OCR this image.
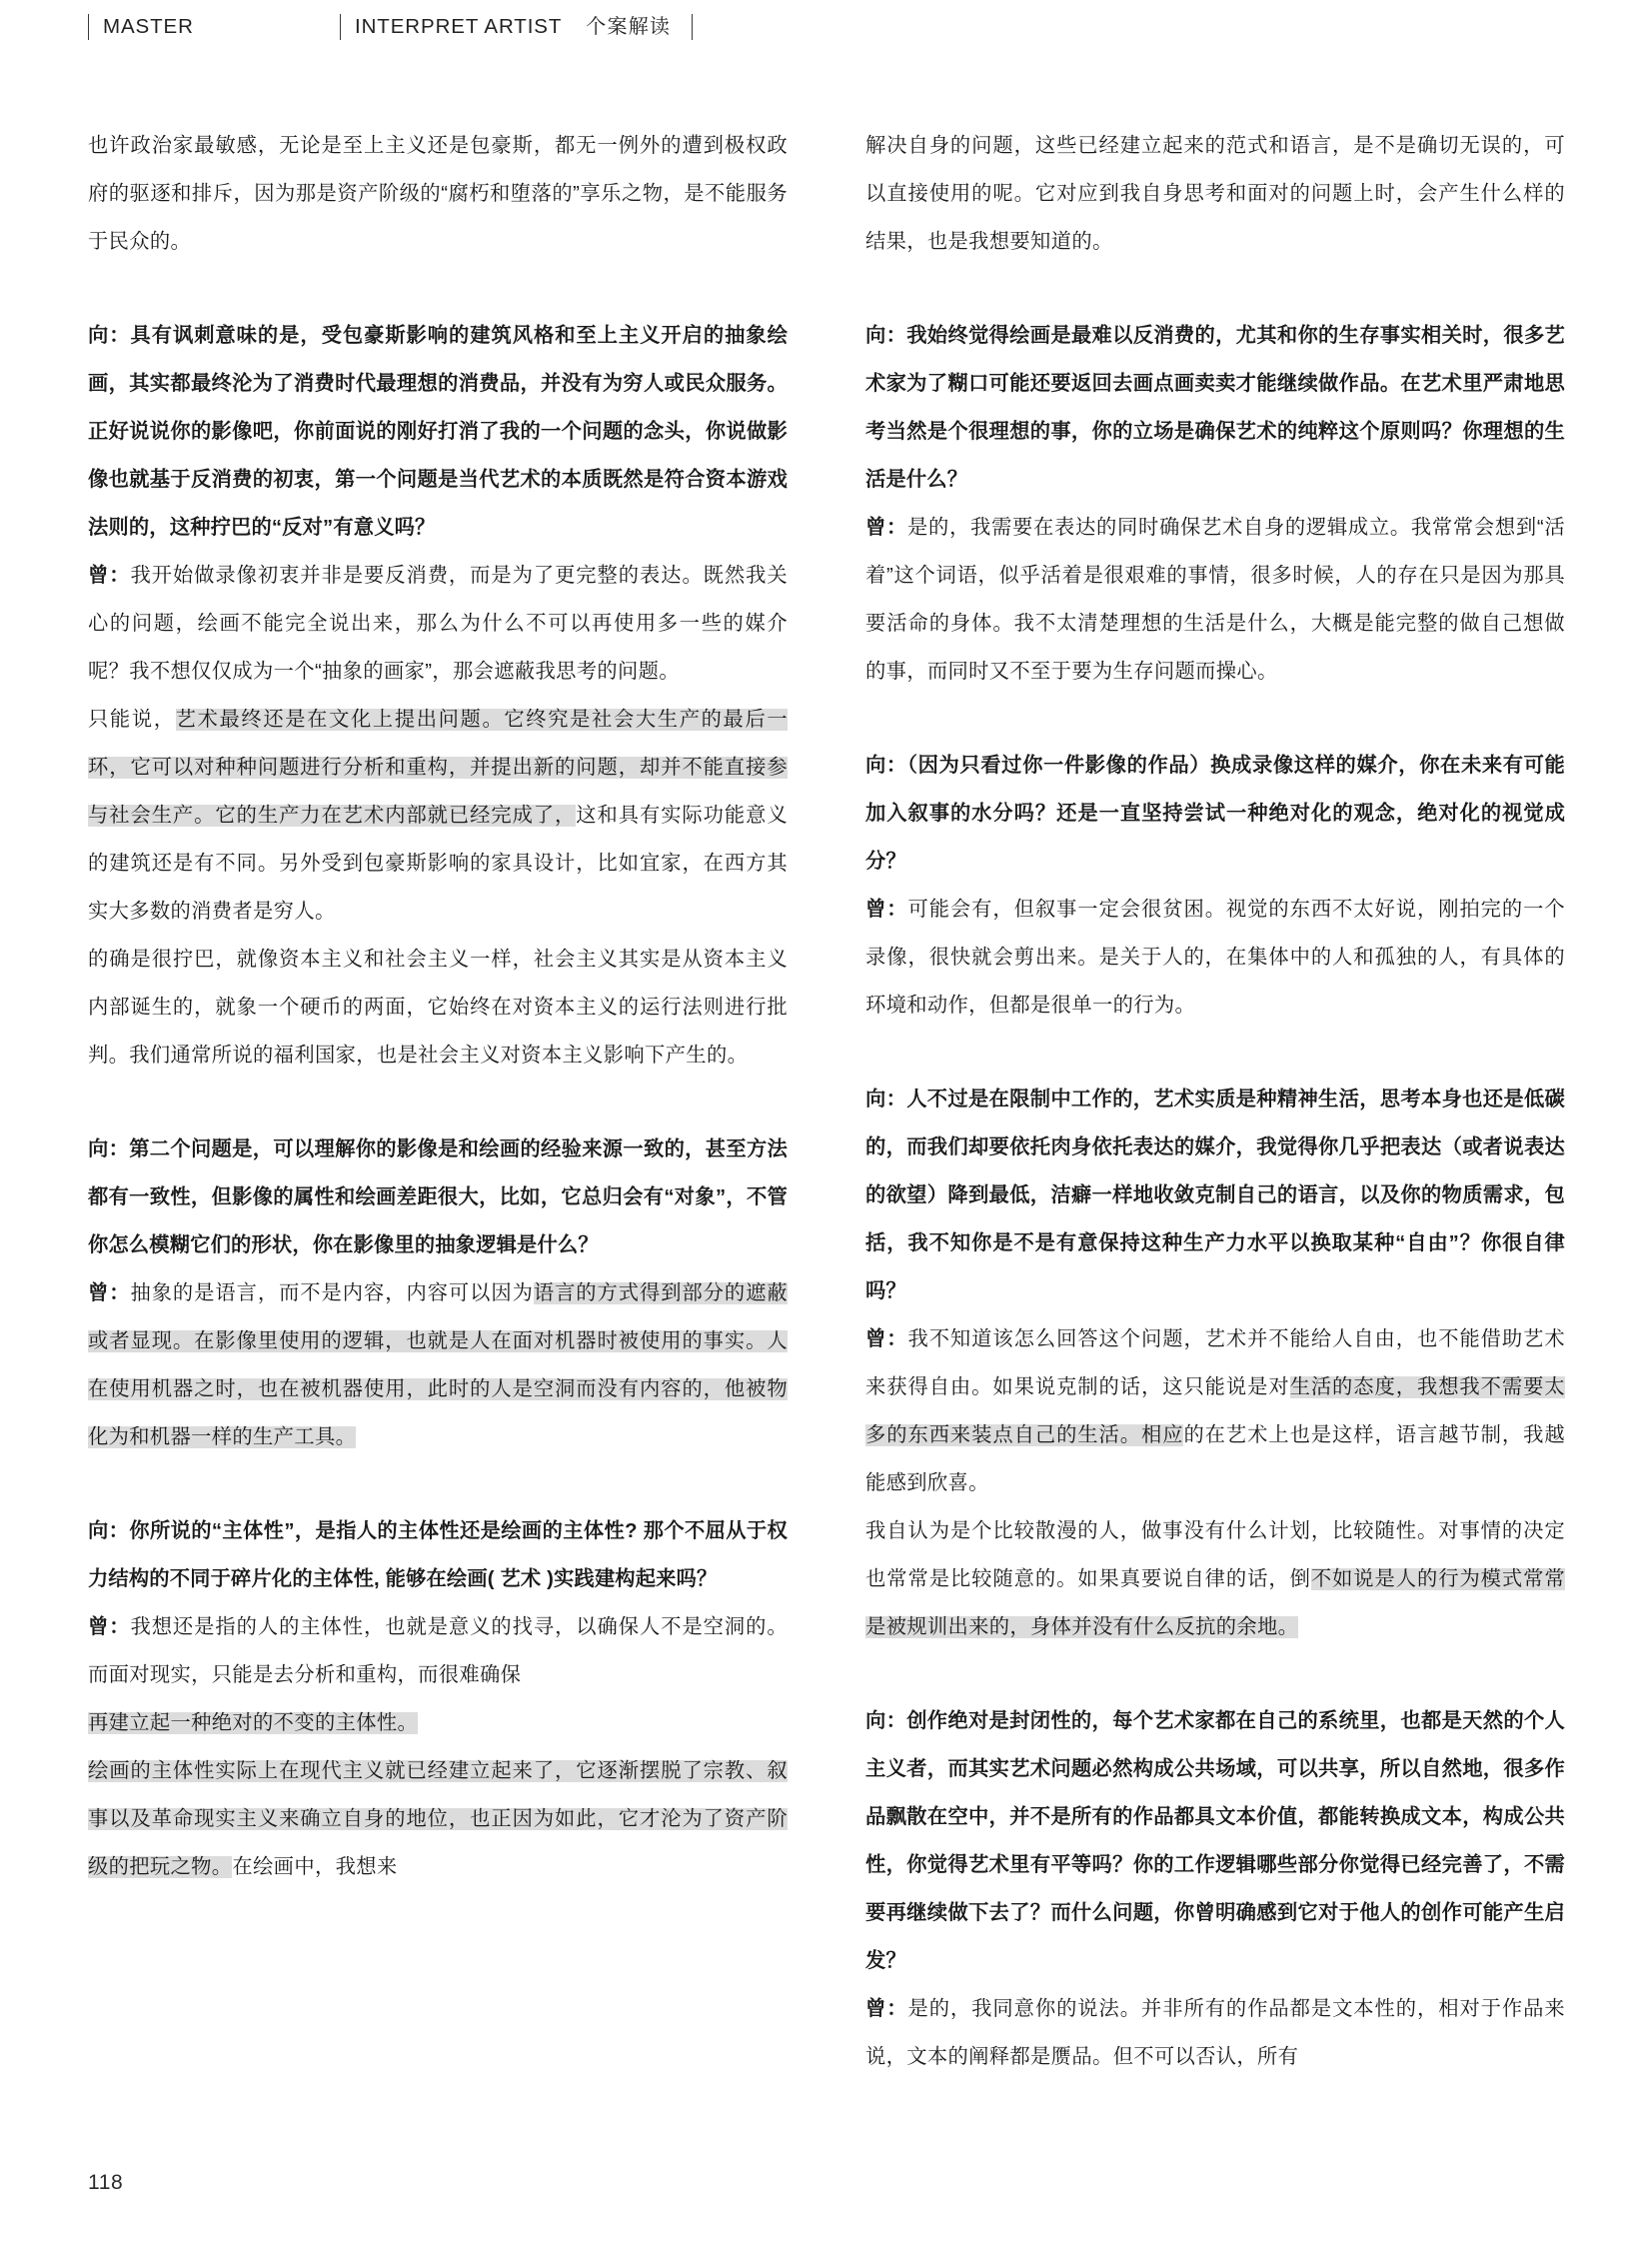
MASTER	INTERPRET ARTIST 个案解读

也许政治家最敏感，无论是至上主义还是包豪斯，都无一例外的遭到极权政府的驱逐和排斥，因为那是资产阶级的“腐朽和堕落的”享乐之物，是不能服务于民众的。

向：具有讽刺意味的是，受包豪斯影响的建筑风格和至上主义开启的抽象绘画，其实都最终沦为了消费时代最理想的消费品，并没有为穷人或民众服务。正好说说你的影像吧，你前面说的刚好打消了我的一个问题的念头，你说做影像也就基于反消费的初衷，第一个问题是当代艺术的本质既然是符合资本游戏法则的，这种拧巴的“反对”有意义吗？

曾：我开始做录像初衷并非是要反消费，而是为了更完整的表达。既然我关心的问题，绘画不能完全说出来，那么为什么不可以再使用多一些的媒介呢？我不想仅仅成为一个“抽象的画家”，那会遮蔽我思考的问题。

只能说，艺术最终还是在文化上提出问题。它终究是社会大生产的最后一环，它可以对种种问题进行分析和重构，并提出新的问题，却并不能直接参与社会生产。它的生产力在艺术内部就已经完成了，这和具有实际功能意义的建筑还是有不同。另外受到包豪斯影响的家具设计，比如宜家，在西方其实大多数的消费者是穷人。

的确是很拧巴，就像资本主义和社会主义一样，社会主义其实是从资本主义内部诞生的，就象一个硬币的两面，它始终在对资本主义的运行法则进行批判。我们通常所说的福利国家，也是社会主义对资本主义影响下产生的。

向：第二个问题是，可以理解你的影像是和绘画的经验来源一致的，甚至方法都有一致性，但影像的属性和绘画差距很大，比如，它总归会有“对象”，不管你怎么模糊它们的形状，你在影像里的抽象逻辑是什么？

曾：抽象的是语言，而不是内容，内容可以因为语言的方式得到部分的遮蔽或者显现。在影像里使用的逻辑，也就是人在面对机器时被使用的事实。人在使用机器之时，也在被机器使用，此时的人是空洞而没有内容的，他被物化为和机器一样的生产工具。

向：你所说的“主体性”，是指人的主体性还是绘画的主体性? 那个不屈从于权力结构的不同于碎片化的主体性, 能够在绘画( 艺术 )实践建构起来吗？

曾：我想还是指的人的主体性，也就是意义的找寻，以确保人不是空洞的。而面对现实，只能是去分析和重构，而很难确保

再建立起一种绝对的不变的主体性。

绘画的主体性实际上在现代主义就已经建立起来了，它逐渐摆脱了宗教、叙事以及革命现实主义来确立自身的地位，也正因为如此，它才沦为了资产阶级的把玩之物。在绘画中，我想来

解决自身的问题，这些已经建立起来的范式和语言，是不是确切无误的，可以直接使用的呢。它对应到我自身思考和面对的问题上时，会产生什么样的结果，也是我想要知道的。

向：我始终觉得绘画是最难以反消费的，尤其和你的生存事实相关时，很多艺术家为了糊口可能还要返回去画点画卖卖才能继续做作品。在艺术里严肃地思考当然是个很理想的事，你的立场是确保艺术的纯粹这个原则吗？你理想的生活是什么？

曾：是的，我需要在表达的同时确保艺术自身的逻辑成立。我常常会想到“活着”这个词语，似乎活着是很艰难的事情，很多时候，人的存在只是因为那具要活命的身体。我不太清楚理想的生活是什么，大概是能完整的做自己想做的事，而同时又不至于要为生存问题而操心。

向：（因为只看过你一件影像的作品）换成录像这样的媒介，你在未来有可能加入叙事的水分吗？还是一直坚持尝试一种绝对化的观念，绝对化的视觉成分？

曾：可能会有，但叙事一定会很贫困。视觉的东西不太好说，刚拍完的一个录像，很快就会剪出来。是关于人的，在集体中的人和孤独的人，有具体的环境和动作，但都是很单一的行为。

向：人不过是在限制中工作的，艺术实质是种精神生活，思考本身也还是低碳的，而我们却要依托肉身依托表达的媒介，我觉得你几乎把表达（或者说表达的欲望）降到最低，洁癖一样地收敛克制自己的语言，以及你的物质需求，包括，我不知你是不是有意保持这种生产力水平以换取某种“自由”？你很自律吗？

曾：我不知道该怎么回答这个问题，艺术并不能给人自由，也不能借助艺术来获得自由。如果说克制的话，这只能说是对生活的态度，我想我不需要太多的东西来装点自己的生活。相应的在艺术上也是这样，语言越节制，我越能感到欣喜。

我自认为是个比较散漫的人，做事没有什么计划，比较随性。对事情的决定也常常是比较随意的。如果真要说自律的话，倒不如说是人的行为模式常常是被规训出来的，身体并没有什么反抗的余地。

向：创作绝对是封闭性的，每个艺术家都在自己的系统里，也都是天然的个人主义者，而其实艺术问题必然构成公共场域，可以共享，所以自然地，很多作品飘散在空中，并不是所有的作品都具文本价值，都能转换成文本，构成公共性，你觉得艺术里有平等吗？你的工作逻辑哪些部分你觉得已经完善了，不需要再继续做下去了？而什么问题，你曾明确感到它对于他人的创作可能产生启发？

曾：是的，我同意你的说法。并非所有的作品都是文本性的，相对于作品来说，文本的阐释都是赝品。但不可以否认，所有

118
